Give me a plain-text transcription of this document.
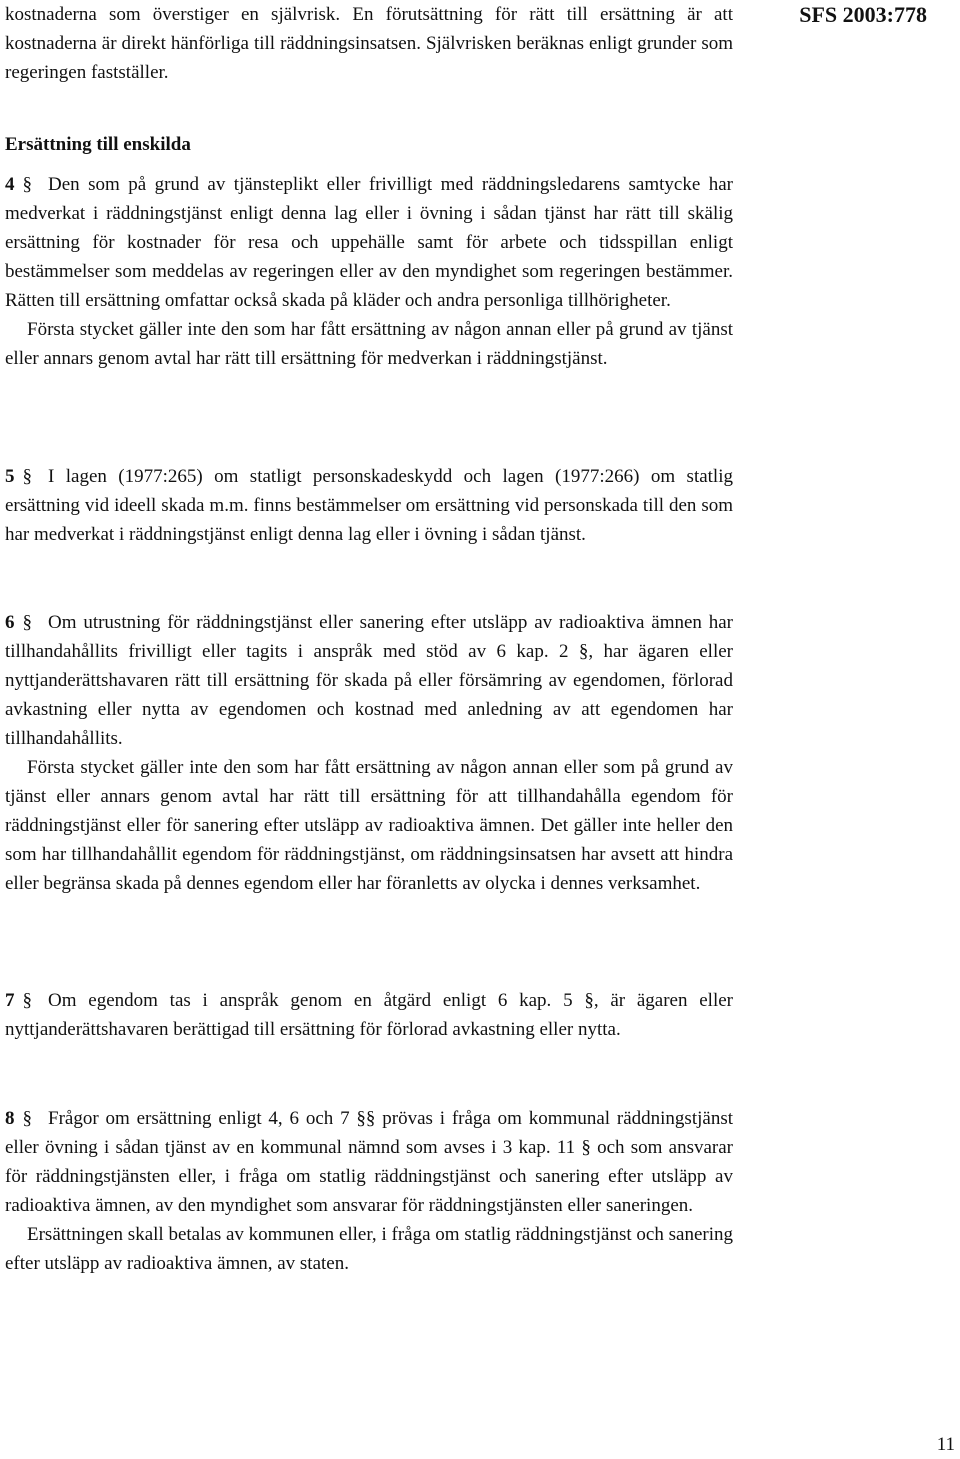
kostnaderna som överstiger en självrisk. En förutsättning för rätt till ersättning är att kostnaderna är direkt hänförliga till räddningsinsatsen. Självrisken beräknas enligt grunder som regeringen fastställer.

SFS 2003:778
Ersättning till enskilda

4 § Den som på grund av tjänsteplikt eller frivilligt med räddningsledarens samtycke har medverkat i räddningstjänst enligt denna lag eller i övning i sådan tjänst har rätt till skälig ersättning för kostnader för resa och uppehälle samt för arbete och tidsspillan enligt bestämmelser som meddelas av regeringen eller av den myndighet som regeringen bestämmer. Rätten till ersättning omfattar också skada på kläder och andra personliga tillhörigheter.

Första stycket gäller inte den som har fått ersättning av någon annan eller på grund av tjänst eller annars genom avtal har rätt till ersättning för medverkan i räddningstjänst.

5 § I lagen (1977:265) om statligt personskadeskydd och lagen (1977:266) om statlig ersättning vid ideell skada m.m. finns bestämmelser om ersättning vid personskada till den som har medverkat i räddningstjänst enligt denna lag eller i övning i sådan tjänst.

6 § Om utrustning för räddningstjänst eller sanering efter utsläpp av radioaktiva ämnen har tillhandahållits frivilligt eller tagits i anspråk med stöd av 6 kap. 2 §, har ägaren eller nyttjanderättshavaren rätt till ersättning för skada på eller försämring av egendomen, förlorad avkastning eller nytta av egendomen och kostnad med anledning av att egendomen har tillhandahållits.

Första stycket gäller inte den som har fått ersättning av någon annan eller som på grund av tjänst eller annars genom avtal har rätt till ersättning för att tillhandahålla egendom för räddningstjänst eller för sanering efter utsläpp av radioaktiva ämnen. Det gäller inte heller den som har tillhandahållit egendom för räddningstjänst, om räddningsinsatsen har avsett att hindra eller begränsa skada på dennes egendom eller har föranletts av olycka i dennes verksamhet.

7 § Om egendom tas i anspråk genom en åtgärd enligt 6 kap. 5 §, är ägaren eller nyttjanderättshavaren berättigad till ersättning för förlorad avkastning eller nytta.

8 § Frågor om ersättning enligt 4, 6 och 7 §§ prövas i fråga om kommunal räddningstjänst eller övning i sådan tjänst av en kommunal nämnd som avses i 3 kap. 11 § och som ansvarar för räddningstjänsten eller, i fråga om statlig räddningstjänst och sanering efter utsläpp av radioaktiva ämnen, av den myndighet som ansvarar för räddningstjänsten eller saneringen.

Ersättningen skall betalas av kommunen eller, i fråga om statlig räddningstjänst och sanering efter utsläpp av radioaktiva ämnen, av staten.

11
